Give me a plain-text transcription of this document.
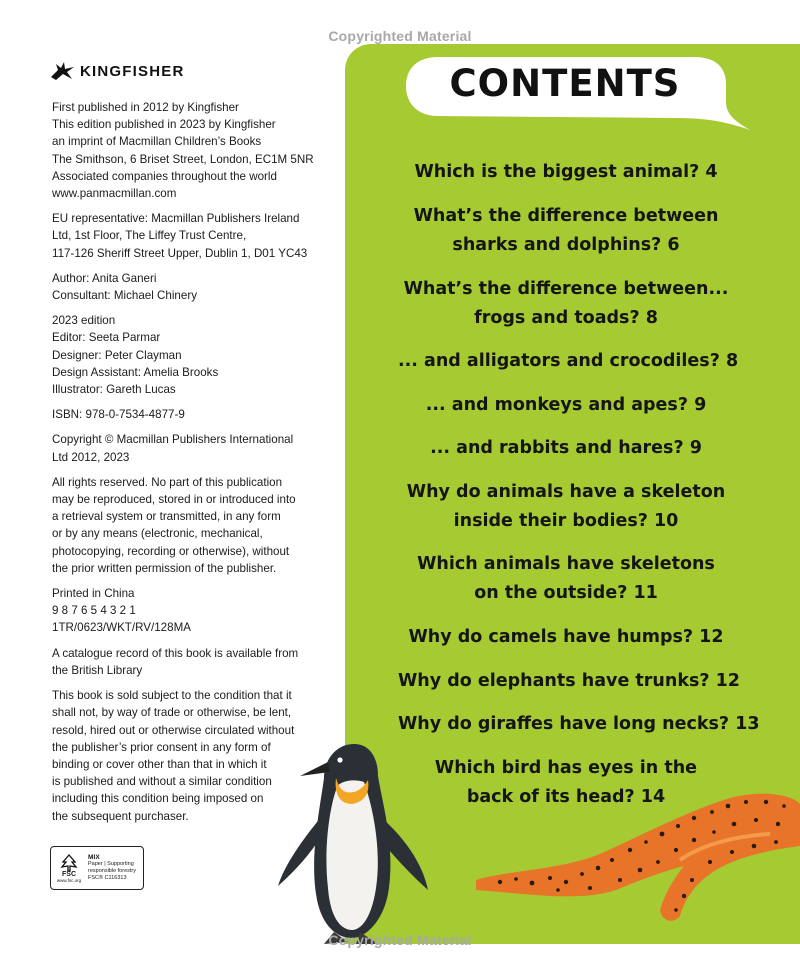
Copyrighted Material
KINGFISHER
First published in 2012 by Kingfisher
This edition published in 2023 by Kingfisher
an imprint of Macmillan Children’s Books
The Smithson, 6 Briset Street, London, EC1M 5NR
Associated companies throughout the world
www.panmacmillan.com
EU representative: Macmillan Publishers Ireland
Ltd, 1st Floor, The Liffey Trust Centre,
117-126 Sheriff Street Upper, Dublin 1, D01 YC43
Author: Anita Ganeri
Consultant: Michael Chinery
2023 edition
Editor: Seeta Parmar
Designer: Peter Clayman
Design Assistant: Amelia Brooks
Illustrator: Gareth Lucas
ISBN: 978-0-7534-4877-9
Copyright © Macmillan Publishers International
Ltd 2012, 2023
All rights reserved. No part of this publication
may be reproduced, stored in or introduced into
a retrieval system or transmitted, in any form
or by any means (electronic, mechanical,
photocopying, recording or otherwise), without
the prior written permission of the publisher.
Printed in China
9 8 7 6 5 4 3 2 1
1TR/0623/WKT/RV/128MA
A catalogue record of this book is available from
the British Library
This book is sold subject to the condition that it
shall not, by way of trade or otherwise, be lent,
resold, hired out or otherwise circulated without
the publisher’s prior consent in any form of
binding or cover other than that in which it
is published and without a similar condition
including this condition being imposed on
the subsequent purchaser.
FSC
www.fsc.org
MIX
Paper | Supporting
responsible forestry
FSC® C116313
CONTENTS
Which is the biggest animal? 4
What’s the difference between
sharks and dolphins? 6
What’s the difference between...
frogs and toads? 8
... and alligators and crocodiles? 8
... and monkeys and apes? 9
... and rabbits and hares? 9
Why do animals have a skeleton
inside their bodies? 10
Which animals have skeletons
on the outside? 11
Why do camels have humps? 12
Why do elephants have trunks? 12
Why do giraffes have long necks? 13
Which bird has eyes in the
back of its head? 14
Copyrighted Material
